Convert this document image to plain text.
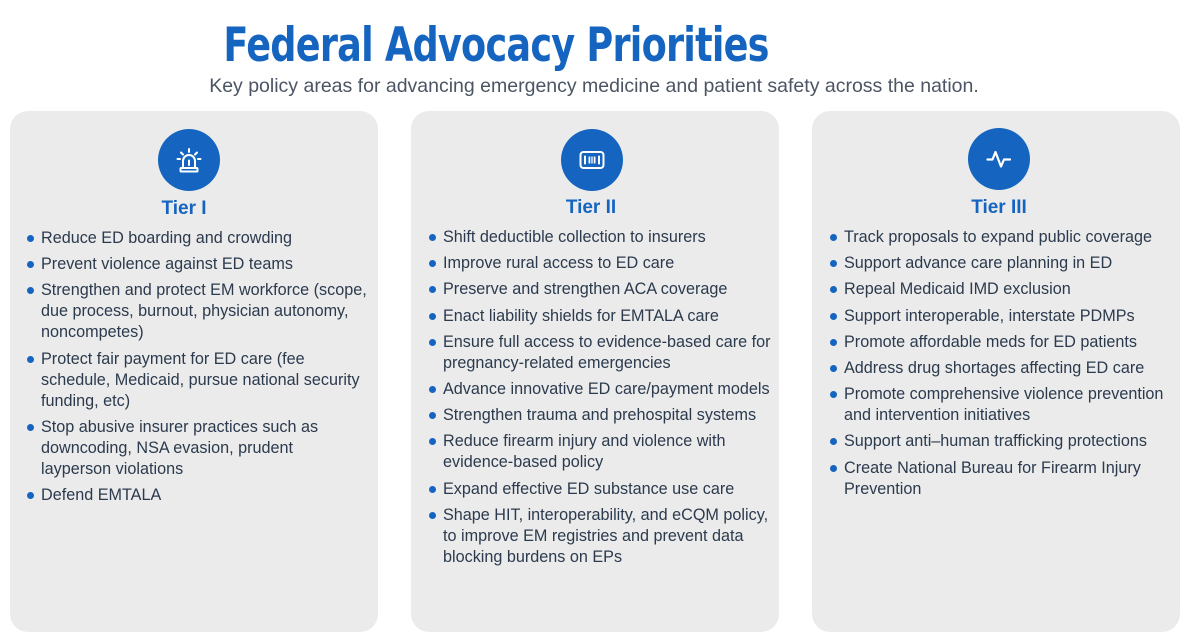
Federal Advocacy Priorities
Key policy areas for advancing emergency medicine and patient safety across the nation.
Tier I
Reduce ED boarding and crowding
Prevent violence against ED teams
Strengthen and protect EM workforce (scope, due process, burnout, physician autonomy, noncompetes)
Protect fair payment for ED care (fee schedule, Medicaid, pursue national security funding, etc)
Stop abusive insurer practices such as downcoding, NSA evasion, prudent layperson violations
Defend EMTALA
Tier II
Shift deductible collection to insurers
Improve rural access to ED care
Preserve and strengthen ACA coverage
Enact liability shields for EMTALA care
Ensure full access to evidence-based care for pregnancy-related emergencies
Advance innovative ED care/payment models
Strengthen trauma and prehospital systems
Reduce firearm injury and violence with evidence-based policy
Expand effective ED substance use care
Shape HIT, interoperability, and eCQM policy, to improve EM registries and prevent data blocking burdens on EPs
Tier III
Track proposals to expand public coverage
Support advance care planning in ED
Repeal Medicaid IMD exclusion
Support interoperable, interstate PDMPs
Promote affordable meds for ED patients
Address drug shortages affecting ED care
Promote comprehensive violence prevention and intervention initiatives
Support anti–human trafficking protections
Create National Bureau for Firearm Injury Prevention
